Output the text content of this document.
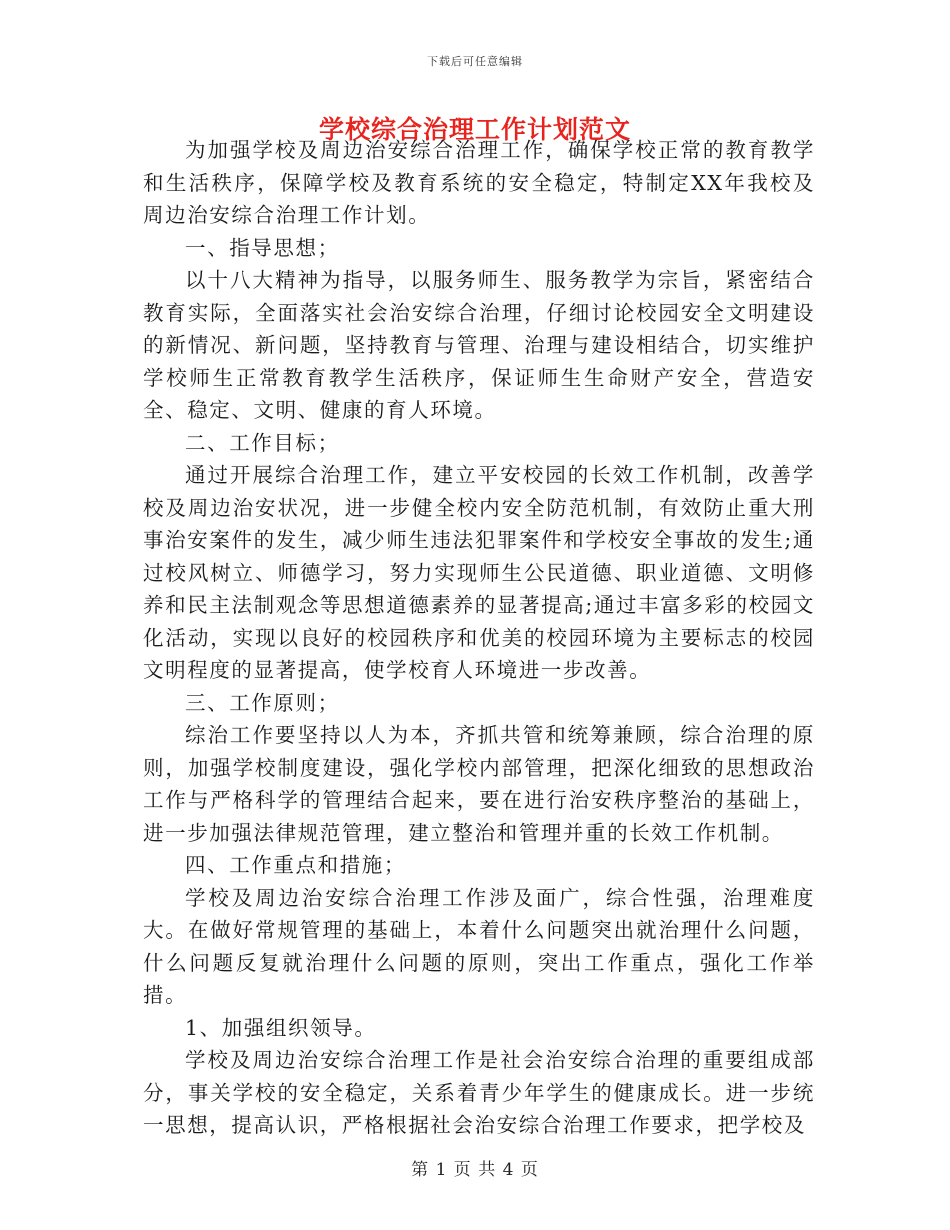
下载后可任意编辑
学校综合治理工作计划范文

为加强学校及周边治安综合治理工作，确保学校正常的教育教学和生活秩序，保障学校及教育系统的安全稳定，特制定XX年我校及周边治安综合治理工作计划。

一、指导思想；

以十八大精神为指导，以服务师生、服务教学为宗旨，紧密结合教育实际，全面落实社会治安综合治理，仔细讨论校园安全文明建设的新情况、新问题，坚持教育与管理、治理与建设相结合，切实维护学校师生正常教育教学生活秩序，保证师生生命财产安全，营造安全、稳定、文明、健康的育人环境。

二、工作目标；

通过开展综合治理工作，建立平安校园的长效工作机制，改善学校及周边治安状况，进一步健全校内安全防范机制，有效防止重大刑事治安案件的发生，减少师生违法犯罪案件和学校安全事故的发生;通过校风树立、师德学习，努力实现师生公民道德、职业道德、文明修养和民主法制观念等思想道德素养的显著提高;通过丰富多彩的校园文化活动，实现以良好的校园秩序和优美的校园环境为主要标志的校园文明程度的显著提高，使学校育人环境进一步改善。

三、工作原则；

综治工作要坚持以人为本，齐抓共管和统筹兼顾，综合治理的原则，加强学校制度建设，强化学校内部管理，把深化细致的思想政治工作与严格科学的管理结合起来，要在进行治安秩序整治的基础上，进一步加强法律规范管理，建立整治和管理并重的长效工作机制。

四、工作重点和措施；

学校及周边治安综合治理工作涉及面广，综合性强，治理难度大。在做好常规管理的基础上，本着什么问题突出就治理什么问题，什么问题反复就治理什么问题的原则，突出工作重点，强化工作举措。

1、加强组织领导。

学校及周边治安综合治理工作是社会治安综合治理的重要组成部分，事关学校的安全稳定，关系着青少年学生的健康成长。进一步统一思想，提高认识，严格根据社会治安综合治理工作要求，把学校及

第 1 页 共 4 页
